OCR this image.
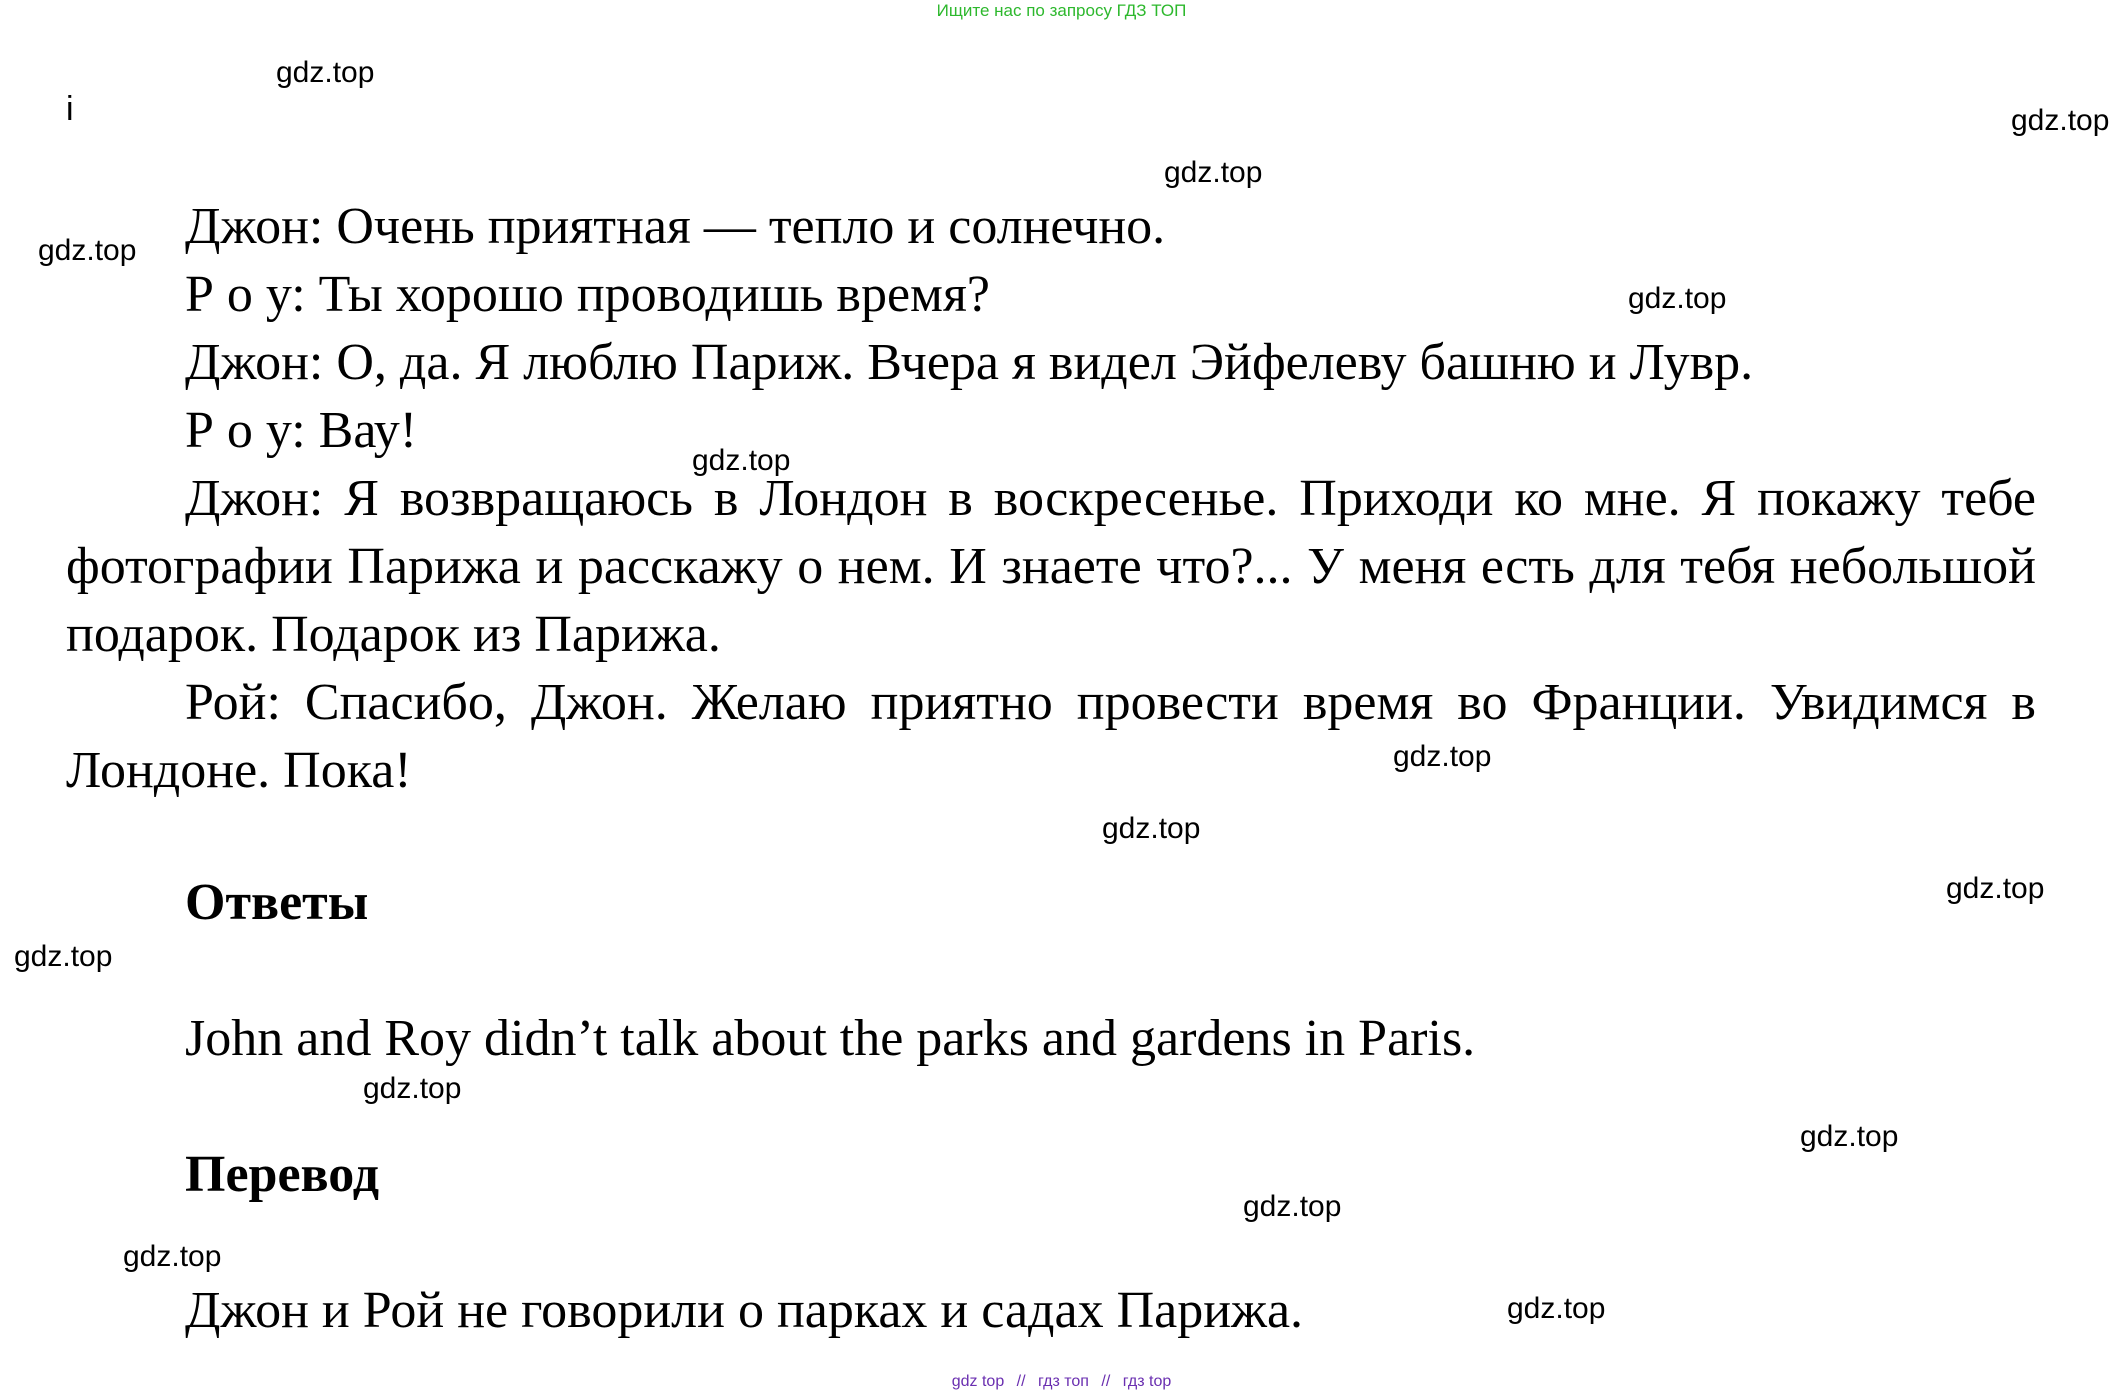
Ищите нас по запросу ГДЗ ТОП
i
gdz.top
gdz.top
gdz.top
gdz.top
gdz.top
gdz.top
gdz.top
gdz.top
gdz.top
gdz.top
gdz.top
gdz.top
gdz.top
gdz.top
gdz.top

Джон: Очень приятная — тепло и солнечно.

Р о у: Ты хорошо проводишь время?

Джон: О, да. Я люблю Париж. Вчера я видел Эйфелеву башню и Лувр.

Р о у: Вау!

Джон: Я возвращаюсь в Лондон в воскресенье. Приходи ко мне. Я покажу тебе фотографии Парижа и расскажу о нем. И знаете что?... У меня есть для тебя небольшой подарок. Подарок из Парижа.

Рой: Спасибо, Джон. Желаю приятно провести время во Франции. Увидимся в Лондоне. Пока!

Ответы

John and Roy didn’t talk about the parks and gardens in Paris.

Перевод

Джон и Рой не говорили о парках и садах Парижа.

gdz top // гдз топ // гдз top
